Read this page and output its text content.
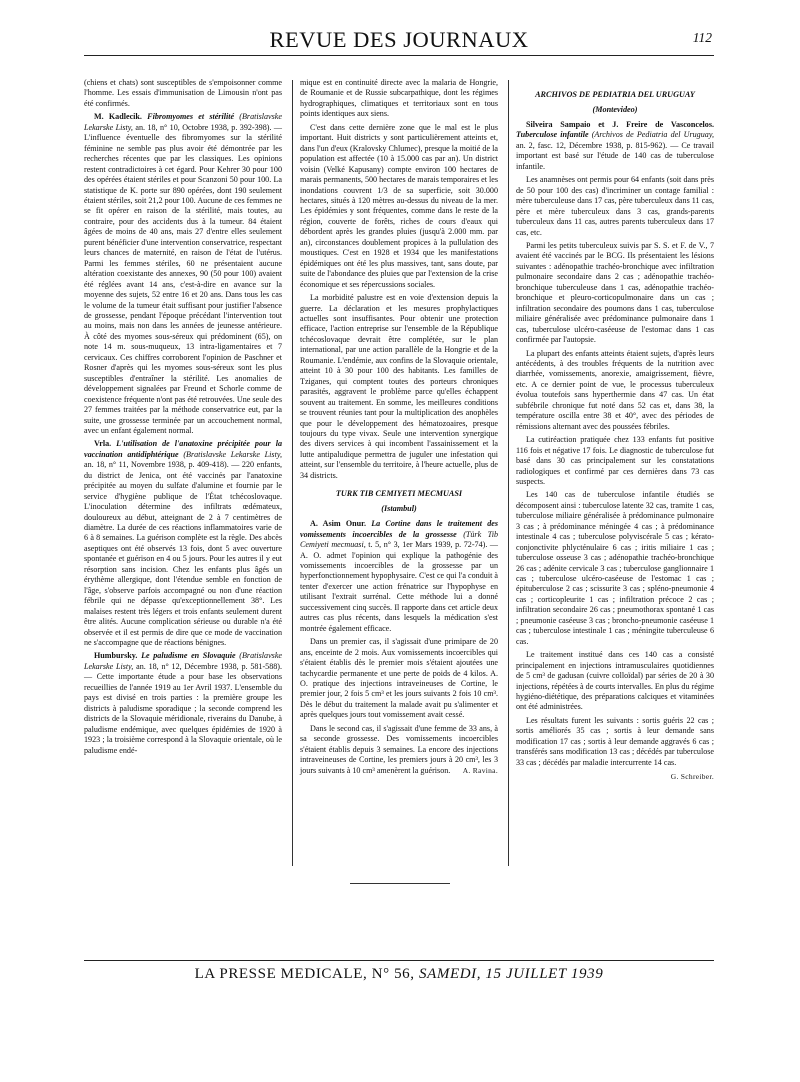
REVUE DES JOURNAUX	112

(chiens et chats) sont susceptibles de s'empoisonner comme l'homme. Les essais d'immunisation de Limousin n'ont pas été confirmés.

M. Kadlecik. Fibromyomes et stérilité (Bratislavske Lekarske Listy, an. 18, n° 10, Octobre 1938, p. 392-398). — L'influence éventuelle des fibromyomes sur la stérilité féminine ne semble pas plus avoir été démontrée par les recherches récentes que par les classiques. Les opinions restent contradictoires à cet égard. Pour Kehrer 30 pour 100 des opérées étaient stériles et pour Scanzoni 50 pour 100. La statistique de K. porte sur 890 opérées, dont 190 seulement étaient stériles, soit 21,2 pour 100. Aucune de ces femmes ne se fit opérer en raison de la stérilité, mais toutes, au contraire, pour des accidents dus à la tumeur. 84 étaient âgées de moins de 40 ans, mais 27 d'entre elles seulement purent bénéficier d'une intervention conservatrice, respectant leurs chances de maternité, en raison de l'état de l'utérus. Parmi les femmes stériles, 60 ne présentaient aucune altération coexistante des annexes, 90 (50 pour 100) avaient été réglées avant 14 ans, c'est-à-dire en avance sur la moyenne des sujets, 52 entre 16 et 20 ans. Dans tous les cas le volume de la tumeur était suffisant pour justifier l'absence de grossesse, pendant l'époque précédant l'intervention tout au moins, mais non dans les années de jeunesse antérieure. À côté des myomes sous-séreux qui prédominent (65), on note 14 m. sous-muqueux, 13 intra-ligamentaires et 7 cervicaux. Ces chiffres corroborent l'opinion de Paschner et Rosner d'après qui les myomes sous-séreux sont les plus susceptibles d'entraîner la stérilité. Les anomalies de développement signalées par Freund et Schorle comme de coexistence fréquente n'ont pas été retrouvées. Une seule des 27 femmes traitées par la méthode conservatrice eut, par la suite, une grossesse terminée par un accouchement normal, avec un enfant également normal.

Vrla. L'utilisation de l'anatoxine précipitée pour la vaccination antidiphtérique (Bratislavske Lekarske Listy, an. 18, n° 11, Novembre 1938, p. 409-418). — 220 enfants, du district de Jenica, ont été vaccinés par l'anatoxine précipitée au moyen du sulfate d'alumine et fournie par le service d'hygiène publique de l'État tchécoslovaque. L'inoculation détermine des infiltrats œdémateux, douloureux au début, atteignant de 2 à 7 centimètres de diamètre. La durée de ces réactions inflammatoires varie de 6 à 8 semaines. La guérison complète est la règle. Des abcès aseptiques ont été observés 13 fois, dont 5 avec ouverture spontanée et guérison en 4 ou 5 jours. Pour les autres il y eut résorption sans incision. Chez les enfants plus âgés un érythème allergique, dont l'étendue semble en fonction de l'âge, s'observe parfois accompagné ou non d'une réaction fébrile qui ne dépasse qu'exceptionnellement 38°. Les malaises restent très légers et trois enfants seulement durent être alités. Aucune complication sérieuse ou durable n'a été observée et il est permis de dire que ce mode de vaccination ne s'accompagne que de réactions bénignes.

Humbursky. Le paludisme en Slovaquie (Bratislavske Lekarske Listy, an. 18, n° 12, Décembre 1938, p. 581-588). — Cette importante étude a pour base les observations recueillies de l'année 1919 au 1er Avril 1937. L'ensemble du pays est divisé en trois parties : la première groupe les districts à paludisme sporadique ; la seconde comprend les districts de la Slovaquie méridionale, riverains du Danube, à paludisme endémique, avec quelques épidémies de 1920 à 1923 ; la troisième correspond à la Slovaquie orientale, où le paludisme endé-

mique est en continuité directe avec la malaria de Hongrie, de Roumanie et de Russie subcarpathique, dont les régimes hydrographiques, climatiques et territoriaux sont en tous points identiques aux siens.

C'est dans cette dernière zone que le mal est le plus important. Huit districts y sont particulièrement atteints et, dans l'un d'eux (Kralovsky Chlumec), presque la moitié de la population est affectée (10 à 15.000 cas par an). Un district voisin (Velké Kapusany) compte environ 100 hectares de marais permanents, 500 hectares de marais temporaires et les inondations couvrent 1/3 de sa superficie, soit 30.000 hectares, situés à 120 mètres au-dessus du niveau de la mer. Les épidémies y sont fréquentes, comme dans le reste de la région, couverte de forêts, riches de cours d'eaux qui débordent après les grandes pluies (jusqu'à 2.000 mm. par an), circonstances doublement propices à la pullulation des moustiques. C'est en 1928 et 1934 que les manifestations épidémiques ont été les plus massives, tant, sans doute, par suite de l'abondance des pluies que par l'extension de la crise économique et ses répercussions sociales.

La morbidité palustre est en voie d'extension depuis la guerre. La déclaration et les mesures prophylactiques actuelles sont insuffisantes. Pour obtenir une protection efficace, l'action entreprise sur l'ensemble de la République tchécoslovaque devrait être complétée, sur le plan international, par une action parallèle de la Hongrie et de la Roumanie. L'endémie, aux confins de la Slovaquie orientale, atteint 10 à 30 pour 100 des habitants. Les familles de Tziganes, qui comptent toutes des porteurs chroniques parasités, aggravent le problème parce qu'elles échappent souvent au traitement. En somme, les meilleures conditions se trouvent réunies tant pour la multiplication des anophèles que pour le développement des hématozoaires, presque toujours du type vivax. Seule une intervention synergique des divers services à qui incombent l'assainissement et la lutte antipaludique permettra de juguler une infestation qui atteint, sur l'ensemble du territoire, à l'heure actuelle, plus de 34 districts.

TURK TIB CEMIYETI MECMUASI
(Istambul)

A. Asim Onur. La Cortine dans le traitement des vomissements incoercibles de la grossesse (Türk Tib Cemiyeti mecmuasi, t. 5, n° 3, 1er Mars 1939, p. 72-74). — A. O. admet l'opinion qui explique la pathogénie des vomissements incoercibles de la grossesse par un hyperfonctionnement hypophysaire. C'est ce qui l'a conduit à tenter d'exercer une action frénatrice sur l'hypophyse en utilisant l'extrait surrénal. Cette méthode lui a donné successivement cinq succès. Il rapporte dans cet article deux autres cas plus récents, dans lesquels la médication s'est montrée également efficace.

Dans un premier cas, il s'agissait d'une primipare de 20 ans, enceinte de 2 mois. Aux vomissements incoercibles qui s'étaient établis dès le premier mois s'étaient ajoutées une tachycardie permanente et une perte de poids de 4 kilos. A. O. pratique des injections intraveineuses de Cortine, le premier jour, 2 fois 5 cm³ et les jours suivants 2 fois 10 cm³. Dès le début du traitement la malade avait pu s'alimenter et après quelques jours tout vomissement avait cessé.

Dans le second cas, il s'agissait d'une femme de 33 ans, à sa seconde grossesse. Des vomissements incoercibles s'étaient établis depuis 3 semaines. La encore des injections intraveineuses de Cortine, les premiers jours à 20 cm³, les 3 jours suivants à 10 cm³ amenèrent la guérison.	A. Ravina.

ARCHIVOS DE PEDIATRIA DEL URUGUAY
(Montevideo)

Silveira Sampaio et J. Freire de Vasconcelos. Tuberculose infantile (Archivos de Pediatria del Uruguay, an. 2, fasc. 12, Décembre 1938, p. 815-962). — Ce travail important est basé sur l'étude de 140 cas de tuberculose infantile.

Les anamnèses ont permis pour 64 enfants (soit dans près de 50 pour 100 des cas) d'incriminer un contage familial : mère tuberculeuse dans 17 cas, père tuberculeux dans 11 cas, père et mère tuberculeux dans 3 cas, grands-parents tuberculeux dans 11 cas, autres parents tuberculeux dans 17 cas, etc.

Parmi les petits tuberculeux suivis par S. S. et F. de V., 7 avaient été vaccinés par le BCG. Ils présentaient les lésions suivantes : adénopathie trachéo-bronchique avec infiltration pulmonaire secondaire dans 2 cas ; adénopathie trachéo-bronchique tuberculeuse dans 1 cas, adénopathie trachéo-bronchique et pleuro-corticopulmonaire dans un cas ; infiltration secondaire des poumons dans 1 cas, tuberculose miliaire généralisée avec prédominance pulmonaire dans 1 cas, tuberculose ulcéro-caséeuse de l'estomac dans 1 cas confirmée par l'autopsie.

La plupart des enfants atteints étaient sujets, d'après leurs antécédents, à des troubles fréquents de la nutrition avec diarrhée, vomissements, anorexie, amaigrissement, fièvre, etc. A ce dernier point de vue, le processus tuberculeux évolua toutefois sans hyperthermie dans 47 cas. Un état subfébrile chronique fut noté dans 52 cas et, dans 38, la température oscilla entre 38 et 40°, avec des périodes de rémissions alternant avec des poussées fébriles.

La cutiréaction pratiquée chez 133 enfants fut positive 116 fois et négative 17 fois. Le diagnostic de tuberculose fut basé dans 30 cas principalement sur les constatations radiologiques et confirmé par ces dernières dans 73 cas suspects.

Les 140 cas de tuberculose infantile étudiés se décomposent ainsi : tuberculose latente 32 cas, tramite 1 cas, tuberculose miliaire généralisée à prédominance pulmonaire 3 cas ; à prédominance méningée 4 cas ; à prédominance intestinale 4 cas ; tuberculose polyviscérale 5 cas ; kérato-conjonctivite phlycténulaire 6 cas ; iritis miliaire 1 cas ; tuberculose osseuse 3 cas ; adénopathie trachéo-bronchique 26 cas ; adénite cervicale 3 cas ; tuberculose ganglionnaire 1 cas ; tuberculose ulcéro-caséeuse de l'estomac 1 cas ; épituberculose 2 cas ; scissurite 3 cas ; spléno-pneumonie 4 cas ; corticopleurite 1 cas ; infiltration précoce 2 cas ; infiltration secondaire 26 cas ; pneumothorax spontané 1 cas ; pneumonie caséeuse 3 cas ; broncho-pneumonie caséeuse 1 cas ; tuberculose intestinale 1 cas ; méningite tuberculeuse 6 cas.

Le traitement institué dans ces 140 cas a consisté principalement en injections intramusculaires quotidiennes de 5 cm³ de gadusan (cuivre colloïdal) par séries de 20 à 30 injections, répétées à de courts intervalles. En plus du régime hygiéno-diététique, des préparations calciques et vitaminées ont été administrées.

Les résultats furent les suivants : sortis guéris 22 cas ; sortis améliorés 35 cas ; sortis à leur demande sans modification 17 cas ; sortis à leur demande aggravés 6 cas ; transférés sans modification 13 cas ; décédés par tuberculose 33 cas ; décédés par maladie intercurrente 14 cas.

G. Schreiber.
LA PRESSE MEDICALE, N° 56, SAMEDI, 15 JUILLET 1939
